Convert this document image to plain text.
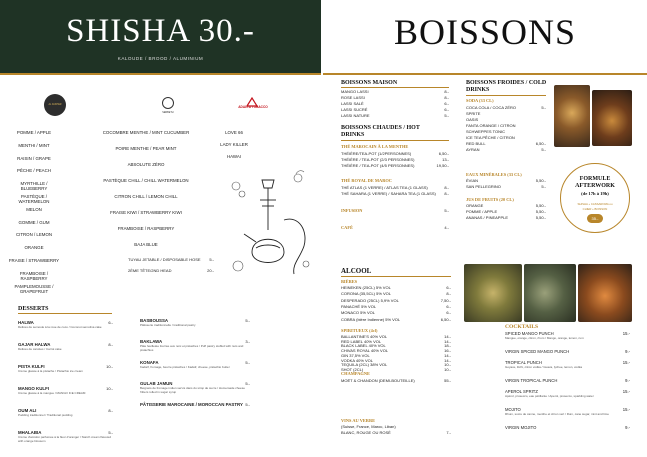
SHISHA 30.-
KALOUDE / BROOD / ALUMINIUM
AL FAKHER
SERBETLI
ADALYA TOBACCO
POMME / APPLE
MENTHI / MINT
RAISIN / GRAPE
PÊCHE / PEACH
MYRTHILLE / BLUEBERRY
PASTÈQUE / WATERMELON
MELON
GOMME / GUM
CITRON / LEMON
ORANGE
FRAISE / STRAWBERRY
FRAMBOISE / RASPBERRY
PAMPLEMOUSSE / GRAPEFRUIT
COCOMBRE MENTHE / MINT CUCUMBER
POIRE MENTHE / PEAR MINT
ABSOLUTE ZÉRO
PASTÈQUE CHILL / CHILL WATERMELON
CITRON CHILL / LEMON CHILL
FRAISE KIWI / STRAWBERRY KIWI
FRAMBOISE / RASPBERRY
BAJA BLUE
LOVE 66
LADY KILLER
HAWAI
TUYAU JETABLE / DISPOSABLE HOSE 5.-
2ÈME TÊTE/2ND HEAD	20.-
BOISSONS
BOISSONS MAISON
MANGO LASSI	8.-
ROSE LASSI	8.-
LASSI SALÉ	6.-
LASSI SUCRÉ	6.-
LASSI NATURE	5.-
BOISSONS CHAUDES / HOT DRINKS
THÉ MAROCAIN À LA MENTHE
THÉIÈRE/TEA-POT (1/2PERSONNES)	6,50.-
THÉIÈRE / TEA-POT (2/3 PERSONNES)	13.-
THÉIÈRE / TEA-POT (4/5 PERSONNES)	19,50.-
THÉ ROYAL DE MAROC
THÉ ATLAS (1 VERRE) / ATLAS TEA (1 GLASS)	8.-
THÉ SAHARA (1 VERRE) / SAHARA TEA (1 GLASS) 8.-
INFUSION	5.-
CAFÉ	4.-
BOISSONS FROIDES / COLD DRINKS
SODA (33 CL)
COCA COLA / COCA ZÉRO	5.-
SPRITE
OASIS
FANTA ORANGE / CITRON
SCHWEPPES TONIC
ICE TEA PÊCHE / CITRON
RED BULL	6,50.-
AYRAN	5.-
EAUX MINÉRALES (33 CL)
ÉVIAN	5,50.-
SAN PELLEGRINO	5.-
JUS DE FRUITS (20 CL)
ORANGE	5,50.-
POMME / APPLE	5,50.-
ANANAS / PINEAPPLE	5,50.-
FORMULE AFTERWORK
(de 17h à 19h)
SHISHA + CASSAROMA ou
CHIER + BOISSON
35.-
DESSERTS
HALWA	6.-
Délices de semoule à la rose de coco / Coconut semolina cake
GAJAR HALWA	8.-
Délices de carottes / Carrot cake
PISTA KULFI	10.-
Crème glacée à la pistache / Pistachio ice cream
MANGO KULFI	10.-
Crème glacée à la mangue / MANGO ICE CREAM
OUM ALI	8.-
Pudding traditionnel / Traditional pudding
MHALABIA	5.-
Crème d'amidon parfumée à la fleur d'oranger / Starch cream flavored with orange blossom
BASBOUSSA	5.-
Pâtisserie traditionnelle / traditional pastry
BAKLAWA	3.-
Pâte feuilletée fourrée aux noix et pistaches / Puff pastry stuffed with nuts and pistachios
KONAFA	5.-
Kadaïf, fromage, beurre pistaches / Kadaïf, cheese, pistachio butter
GULAB JAMUN	5.-
Beignets de fromage indien servis dans du sirop de sucre / Homemade cheese fritters rolled in sugar syrup
PÂTISSERIE MAROCAINE / MOROCCAN PASTRY 5.-
ALCOOL
BIÈRES
HEINEKEN (25CL) 5% VOL	6.-
CORONA (35,5CL) 5% VOL	8.-
DESPERADO (25CL) 5,9% VOL	7,50.-
PANACHÉ 5% VOL	6.-
MONACO 5% VOL	6.-
COBRA (bière Indienne) 5% VOL	6,50.-
SPIRITUEUX (4cl)
BALLANTINE'S 40% VOL	14.-
RED LABEL 40% VOL	14.-
BLACK LABEL 40% VOL	18.-
CHIVAS ROYAL 40% VOL	16.-
GIN 37,5% VOL	14.-
VODKA 40% VOL	14.-
TEQUILA (2CL) 38% VOL	10.-
SHOT (2CL)	10.-
CHAMPAGNE
MOËT & CHANDON (DEMI-BOUTEILLE)	55.-
VINS AU VERRE
(Suisse, France, Maroc, Liban)
BLANC, ROUGE OU ROSÉ	7.-
COCKTAILS
SPICED MANGO PUNCH	15.-
Mangue, orange, citron, rhum / Mango, orange, lemon, rum
VIRGIN SPICED MANGO PUNCH	9.-
TROPICAL PUNCH	15.-
Goyave, litchi, citron vodka / Guava, lychee, lemon, vodka
VIRGIN TROPICAL PUNCH	9.-
APEROL SPRITZ	15.-
Apérol, prosecco, eau pétillante / Aperol, prosecco, sparkling water
MOJITO	15.-
Rhum, sucre de canne, menthe et citron vert / Rum, cane sugar, mint and lime
VIRGIN MOJITO	9.-
